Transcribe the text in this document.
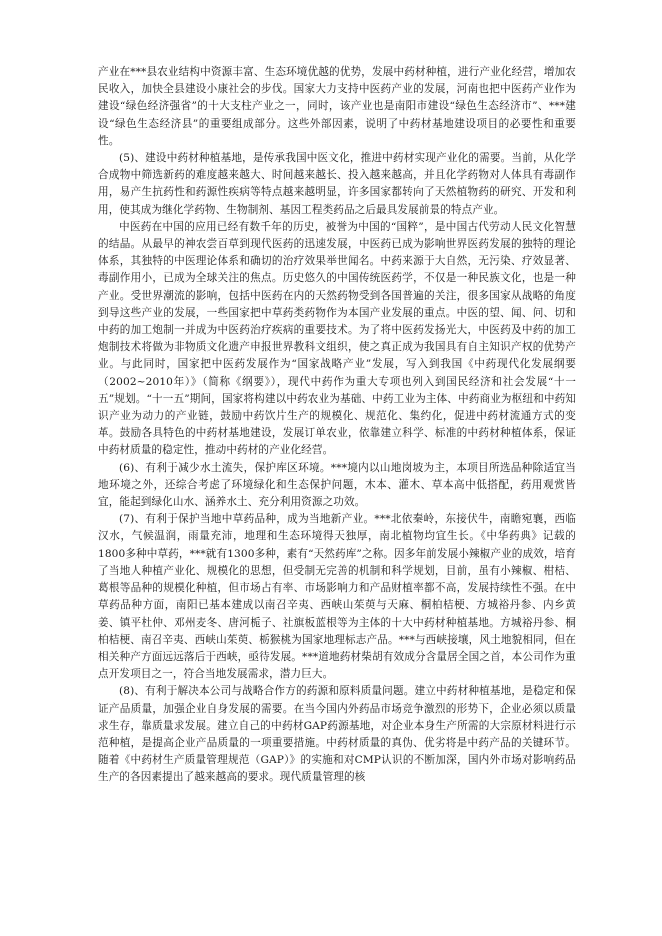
产业在***县农业结构中资源丰富、生态环境优越的优势，发展中药材种植，进行产业化经营，增加农民收入，加快全县建设小康社会的步伐。国家大力支持中医药产业的发展，河南也把中医药产业作为建设“绿色经济强省”的十大支柱产业之一，同时，该产业也是南阳市建设“绿色生态经济市”、***建设“绿色生态经济县”的重要组成部分。这些外部因素，说明了中药材基地建设项目的必要性和重要性。

(5)、建设中药材种植基地，是传承我国中医文化，推进中药材实现产业化的需要。当前，从化学合成物中筛选新药的难度越来越大、时间越来越长、投入越来越高，并且化学药物对人体具有毒副作用，易产生抗药性和药源性疾病等特点越来越明显，许多国家都转向了天然植物药的研究、开发和利用，使其成为继化学药物、生物制剂、基因工程类药品之后最具发展前景的特点产业。

中医药在中国的应用已经有数千年的历史，被誉为中国的“国粹”，是中国古代劳动人民文化智慧的结晶。从最早的神农尝百草到现代医药的迅速发展，中医药已成为影响世界医药发展的独特的理论体系，其独特的中医理论体系和确切的治疗效果举世闻名。中药来源于大自然，无污染、疗效显著、毒副作用小，已成为全球关注的焦点。历史悠久的中国传统医药学，不仅是一种民族文化，也是一种产业。受世界潮流的影响，包括中医药在内的天然药物受到各国普遍的关注，很多国家从战略的角度到导这些产业的发展，一些国家把中草药类药物作为本国产业发展的重点。中医的望、闻、问、切和中药的加工炮制一并成为中医药治疗疾病的重要技术。为了将中医药发扬光大，中医药及中药的加工炮制技术将做为非物质文化遗产申报世界教科文组织，使之真正成为我国具有自主知识产权的优势产业。与此同时，国家把中医药发展作为“国家战略产业”发展，写入到我国《中药现代化发展纲要（2002~2010年）》（简称《纲要》），现代中药作为重大专项也列入到国民经济和社会发展“十一五”规划。“十一五”期间，国家将构建以中药农业为基础、中药工业为主体、中药商业为枢纽和中药知识产业为动力的产业链，鼓励中药饮片生产的规模化、规范化、集约化，促进中药材流通方式的变革。鼓励各具特色的中药材基地建设，发展订单农业，依靠建立科学、标准的中药材种植体系，保证中药材质量的稳定性，推动中药材的产业化经营。

(6)、有利于减少水土流失，保护库区环境。***境内以山地岗坡为主，本项目所选品种除适宜当地环境之外，还综合考虑了环境绿化和生态保护问题，木本、灌木、草本高中低搭配，药用观赏皆宜，能起到绿化山水、涵养水土、充分利用资源之功效。

(7)、有利于保护当地中草药品种，成为当地新产业。***北依秦岭，东接伏牛，南瞻宛襄，西临汉水，气候温润，雨量充沛，地理和生态环境得天独厚，南北植物均宜生长。《中华药典》记载的1800多种中草药，***就有1300多种，素有“天然药库”之称。因多年前发展小辣椒产业的成效，培育了当地人种植产业化、规模化的思想，但受制无完善的机制和科学规划，目前，虽有小辣椒、柑桔、葛根等品种的规模化种植，但市场占有率、市场影响力和产品财植率都不高，发展持续性不强。在中草药品种方面，南阳已基本建成以南召辛夷、西峡山茱萸与天麻、桐柏桔梗、方城裕丹参、内乡黄姜、镇平杜仲、邓州麦冬、唐河栀子、社旗板蓝根等为主体的十大中药材种植基地。方城裕丹参、桐柏桔梗、南召辛夷、西峡山茱萸、栃猴桃为国家地理标志产品。***与西峡接壤，风土地貌相同，但在相关种产方面远远落后于西峡，亟待发展。***道地药材柴胡有效成分含量居全国之首，本公司作为重点开发项目之一，符合当地发展需求，潜力巨大。

(8)、有利于解决本公司与战略合作方的药源和原料质量问题。建立中药材种植基地，是稳定和保证产品质量，加强企业自身发展的需要。在当今国内外药品市场竞争激烈的形势下，企业必须以质量求生存，靠质量求发展。建立自己的中药材GAP药源基地，对企业本身生产所需的大宗原材料进行示范种植，是提高企业产品质量的一项重要措施。中药材质量的真伪、优劣将是中药产品的关键环节。随着《中药材生产质量管理规范（GAP）》的实施和对CMP认识的不断加深，国内外市场对影响药品生产的各因素提出了越来越高的要求。现代质量管理的核
